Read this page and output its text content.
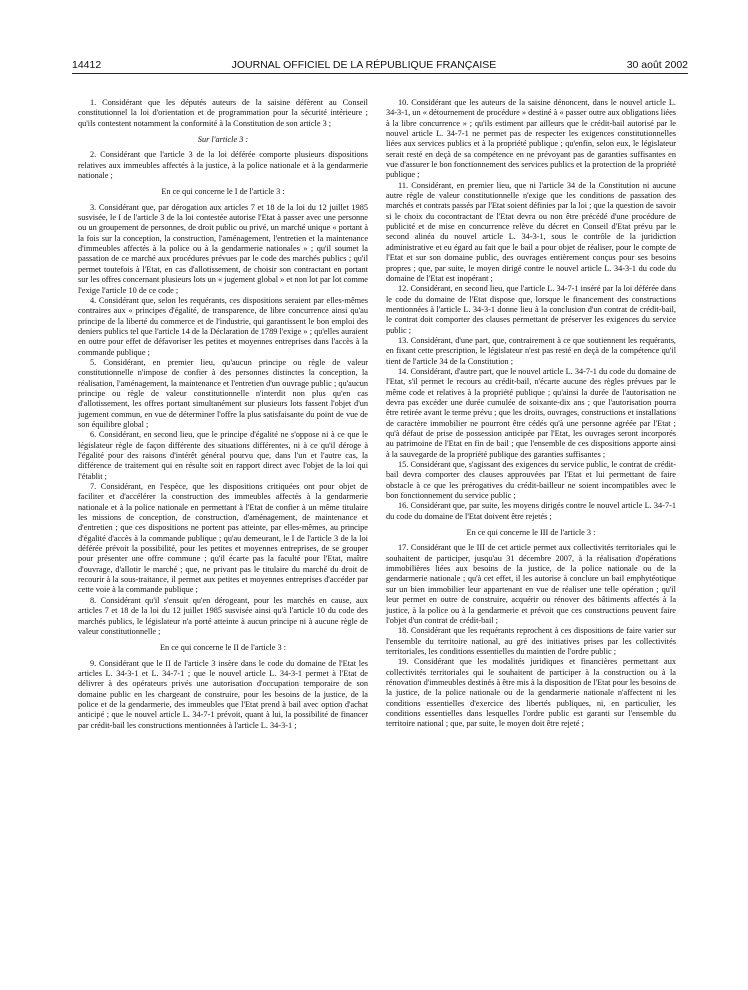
14412	JOURNAL OFFICIEL DE LA RÉPUBLIQUE FRANÇAISE	30 août 2002

1. Considérant que les députés auteurs de la saisine défèrent au Conseil constitutionnel la loi d'orientation et de programmation pour la sécurité intérieure ; qu'ils contestent notamment la conformité à la Constitution de son article 3 ;

Sur l'article 3 :

2. Considérant que l'article 3 de la loi déférée comporte plusieurs dispositions relatives aux immeubles affectés à la justice, à la police nationale et à la gendarmerie nationale ;

En ce qui concerne le I de l'article 3 :

3. Considérant que, par dérogation aux articles 7 et 18 de la loi du 12 juillet 1985 susvisée, le I de l'article 3 de la loi contestée autorise l'Etat à passer avec une personne ou un groupement de personnes, de droit public ou privé, un marché unique « portant à la fois sur la conception, la construction, l'aménagement, l'entretien et la maintenance d'immeubles affectés à la police ou à la gendarmerie nationales » ; qu'il soumet la passation de ce marché aux procédures prévues par le code des marchés publics ; qu'il permet toutefois à l'Etat, en cas d'allotissement, de choisir son contractant en portant sur les offres concernant plusieurs lots un « jugement global » et non lot par lot comme l'exige l'article 10 de ce code ;

4. Considérant que, selon les requérants, ces dispositions seraient par elles-mêmes contraires aux « principes d'égalité, de transparence, de libre concurrence ainsi qu'au principe de la liberté du commerce et de l'industrie, qui garantissent le bon emploi des deniers publics tel que l'article 14 de la Déclaration de 1789 l'exige » ; qu'elles auraient en outre pour effet de défavoriser les petites et moyennes entreprises dans l'accès à la commande publique ;

5. Considérant, en premier lieu, qu'aucun principe ou règle de valeur constitutionnelle n'impose de confier à des personnes distinctes la conception, la réalisation, l'aménagement, la maintenance et l'entretien d'un ouvrage public ; qu'aucun principe ou règle de valeur constitutionnelle n'interdit non plus qu'en cas d'allotissement, les offres portant simultanément sur plusieurs lots fassent l'objet d'un jugement commun, en vue de déterminer l'offre la plus satisfaisante du point de vue de son équilibre global ;

6. Considérant, en second lieu, que le principe d'égalité ne s'oppose ni à ce que le législateur règle de façon différente des situations différentes, ni à ce qu'il déroge à l'égalité pour des raisons d'intérêt général pourvu que, dans l'un et l'autre cas, la différence de traitement qui en résulte soit en rapport direct avec l'objet de la loi qui l'établit ;

7. Considérant, en l'espèce, que les dispositions critiquées ont pour objet de faciliter et d'accélérer la construction des immeubles affectés à la gendarmerie nationale et à la police nationale en permettant à l'Etat de confier à un même titulaire les missions de conception, de construction, d'aménagement, de maintenance et d'entretien ; que ces dispositions ne portent pas atteinte, par elles-mêmes, au principe d'égalité d'accès à la commande publique ; qu'au demeurant, le I de l'article 3 de la loi déférée prévoit la possibilité, pour les petites et moyennes entreprises, de se grouper pour présenter une offre commune ; qu'il écarte pas la faculté pour l'Etat, maître d'ouvrage, d'allotir le marché ; que, ne privant pas le titulaire du marché du droit de recourir à la sous-traitance, il permet aux petites et moyennes entreprises d'accéder par cette voie à la commande publique ;

8. Considérant qu'il s'ensuit qu'en dérogeant, pour les marchés en cause, aux articles 7 et 18 de la loi du 12 juillet 1985 susvisée ainsi qu'à l'article 10 du code des marchés publics, le législateur n'a porté atteinte à aucun principe ni à aucune règle de valeur constitutionnelle ;

En ce qui concerne le II de l'article 3 :

9. Considérant que le II de l'article 3 insère dans le code du domaine de l'Etat les articles L. 34-3-1 et L. 34-7-1 ; que le nouvel article L. 34-3-1 permet à l'Etat de délivrer à des opérateurs privés une autorisation d'occupation temporaire de son domaine public en les chargeant de construire, pour les besoins de la justice, de la police et de la gendarmerie, des immeubles que l'Etat prend à bail avec option d'achat anticipé ; que le nouvel article L. 34-7-1 prévoit, quant à lui, la possibilité de financer par crédit-bail les constructions mentionnées à l'article L. 34-3-1 ;

10. Considérant que les auteurs de la saisine dénoncent, dans le nouvel article L. 34-3-1, un « détournement de procédure » destiné à « passer outre aux obligations liées à la libre concurrence » ; qu'ils estiment par ailleurs que le crédit-bail autorisé par le nouvel article L. 34-7-1 ne permet pas de respecter les exigences constitutionnelles liées aux services publics et à la propriété publique ; qu'enfin, selon eux, le législateur serait resté en deçà de sa compétence en ne prévoyant pas de garanties suffisantes en vue d'assurer le bon fonctionnement des services publics et la protection de la propriété publique ;

11. Considérant, en premier lieu, que ni l'article 34 de la Constitution ni aucune autre règle de valeur constitutionnelle n'exige que les conditions de passation des marchés et contrats passés par l'Etat soient définies par la loi ; que la question de savoir si le choix du cocontractant de l'Etat devra ou non être précédé d'une procédure de publicité et de mise en concurrence relève du décret en Conseil d'Etat prévu par le second alinéa du nouvel article L. 34-3-1, sous le contrôle de la juridiction administrative et eu égard au fait que le bail a pour objet de réaliser, pour le compte de l'Etat et sur son domaine public, des ouvrages entièrement conçus pour ses besoins propres ; que, par suite, le moyen dirigé contre le nouvel article L. 34-3-1 du code du domaine de l'Etat est inopérant ;

12. Considérant, en second lieu, que l'article L. 34-7-1 inséré par la loi déférée dans le code du domaine de l'Etat dispose que, lorsque le financement des constructions mentionnées à l'article L. 34-3-1 donne lieu à la conclusion d'un contrat de crédit-bail, le contrat doit comporter des clauses permettant de préserver les exigences du service public ;

13. Considérant, d'une part, que, contrairement à ce que soutiennent les requérants, en fixant cette prescription, le législateur n'est pas resté en deçà de la compétence qu'il tient de l'article 34 de la Constitution ;

14. Considérant, d'autre part, que le nouvel article L. 34-7-1 du code du domaine de l'Etat, s'il permet le recours au crédit-bail, n'écarte aucune des règles prévues par le même code et relatives à la propriété publique ; qu'ainsi la durée de l'autorisation ne devra pas excéder une durée cumulée de soixante-dix ans ; que l'autorisation pourra être retirée avant le terme prévu ; que les droits, ouvrages, constructions et installations de caractère immobilier ne pourront être cédés qu'à une personne agréée par l'Etat ; qu'à défaut de prise de possession anticipée par l'Etat, les ouvrages seront incorporés au patrimoine de l'Etat en fin de bail ; que l'ensemble de ces dispositions apporte ainsi à la sauvegarde de la propriété publique des garanties suffisantes ;

15. Considérant que, s'agissant des exigences du service public, le contrat de crédit-bail devra comporter des clauses approuvées par l'Etat et lui permettant de faire obstacle à ce que les prérogatives du crédit-bailleur ne soient incompatibles avec le bon fonctionnement du service public ;

16. Considérant que, par suite, les moyens dirigés contre le nouvel article L. 34-7-1 du code du domaine de l'Etat doivent être rejetés ;

En ce qui concerne le III de l'article 3 :

17. Considérant que le III de cet article permet aux collectivités territoriales qui le souhaitent de participer, jusqu'au 31 décembre 2007, à la réalisation d'opérations immobilières liées aux besoins de la justice, de la police nationale ou de la gendarmerie nationale ; qu'à cet effet, il les autorise à conclure un bail emphytéotique sur un bien immobilier leur appartenant en vue de réaliser une telle opération ; qu'il leur permet en outre de construire, acquérir ou rénover des bâtiments affectés à la justice, à la police ou à la gendarmerie et prévoit que ces constructions peuvent faire l'objet d'un contrat de crédit-bail ;

18. Considérant que les requérants reprochent à ces dispositions de faire varier sur l'ensemble du territoire national, au gré des initiatives prises par les collectivités territoriales, les conditions essentielles du maintien de l'ordre public ;

19. Considérant que les modalités juridiques et financières permettant aux collectivités territoriales qui le souhaitent de participer à la construction ou à la rénovation d'immeubles destinés à être mis à la disposition de l'Etat pour les besoins de la justice, de la police nationale ou de la gendarmerie nationale n'affectent ni les conditions essentielles d'exercice des libertés publiques, ni, en particulier, les conditions essentielles dans lesquelles l'ordre public est garanti sur l'ensemble du territoire national ; que, par suite, le moyen doit être rejeté ;
